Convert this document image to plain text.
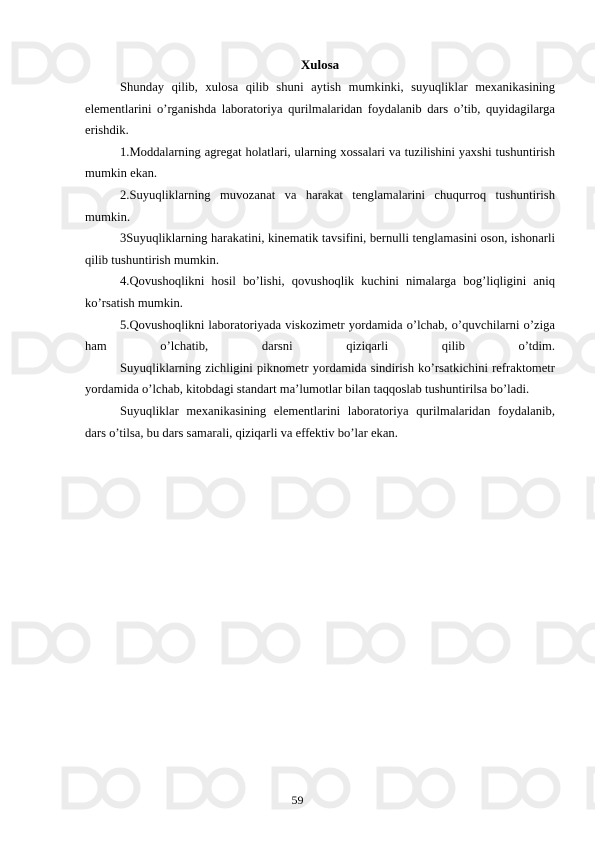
Xulosa

Shunday qilib, xulosa qilib shuni aytish mumkinki, suyuqliklar mexanikasining elementlarini o’rganishda laboratoriya qurilmalaridan foydalanib dars o’tib, quyidagilarga erishdik.

1.Moddalarning agregat holatlari, ularning xossalari va tuzilishini yaxshi tushuntirish mumkin ekan.

2.Suyuqliklarning muvozanat va harakat tenglamalarini chuqurroq tushuntirish mumkin.

3Suyuqliklarning harakatini, kinematik tavsifini, bernulli tenglamasini oson, ishonarli qilib tushuntirish mumkin.

4.Qovushoqlikni hosil bo’lishi, qovushoqlik kuchini nimalarga bog’liqligini aniq ko’rsatish mumkin.

5.Qovushoqlikni laboratoriyada viskozimetr yordamida o’lchab, o’quvchilarni o’ziga ham o’lchatib, darsni qiziqarli qilib o’tdim.

Suyuqliklarning zichligini piknometr yordamida sindirish ko’rsatkichini refraktometr yordamida o’lchab, kitobdagi standart ma’lumotlar bilan taqqoslab tushuntirilsa bo’ladi.

Suyuqliklar mexanikasining elementlarini laboratoriya qurilmalaridan foydalanib, dars o’tilsa, bu dars samarali, qiziqarli va effektiv bo’lar ekan.

59
